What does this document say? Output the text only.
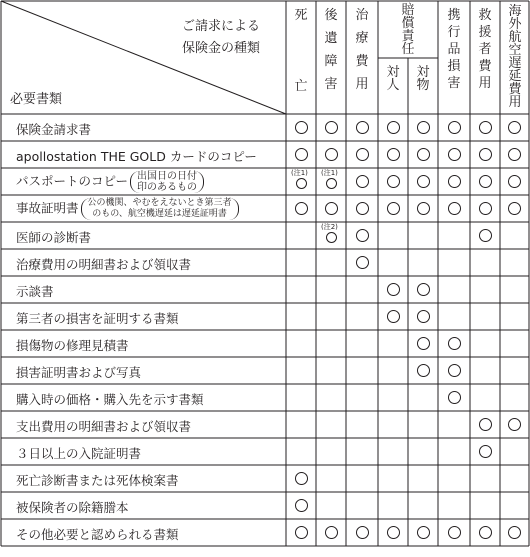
ご請求による
保険金の種類
必要書類
死
亡
後
遺
障
害
治
療
費
用
賠
償
責
任
対
人
対
物
携
行
品
損
害
救
援
者
費
用
海
外
航
空
遅
延
費
用
保険金請求書
apollostation THE GOLD カードのコピー
パスポートのコピー 出国日の日付
印のあるもの
(注1) (注1)
事故証明書 公の機関、やむをえないとき第三者
のもの、航空機遅延は遅延証明書
医師の診断書
(注2)
治療費用の明細書および領収書
示談書
第三者の損害を証明する書類
損傷物の修理見積書
損害証明書および写真
購入時の価格・購入先を示す書類
支出費用の明細書および領収書
３日以上の入院証明書
死亡診断書または死体検案書
被保険者の除籍謄本
その他必要と認められる書類
